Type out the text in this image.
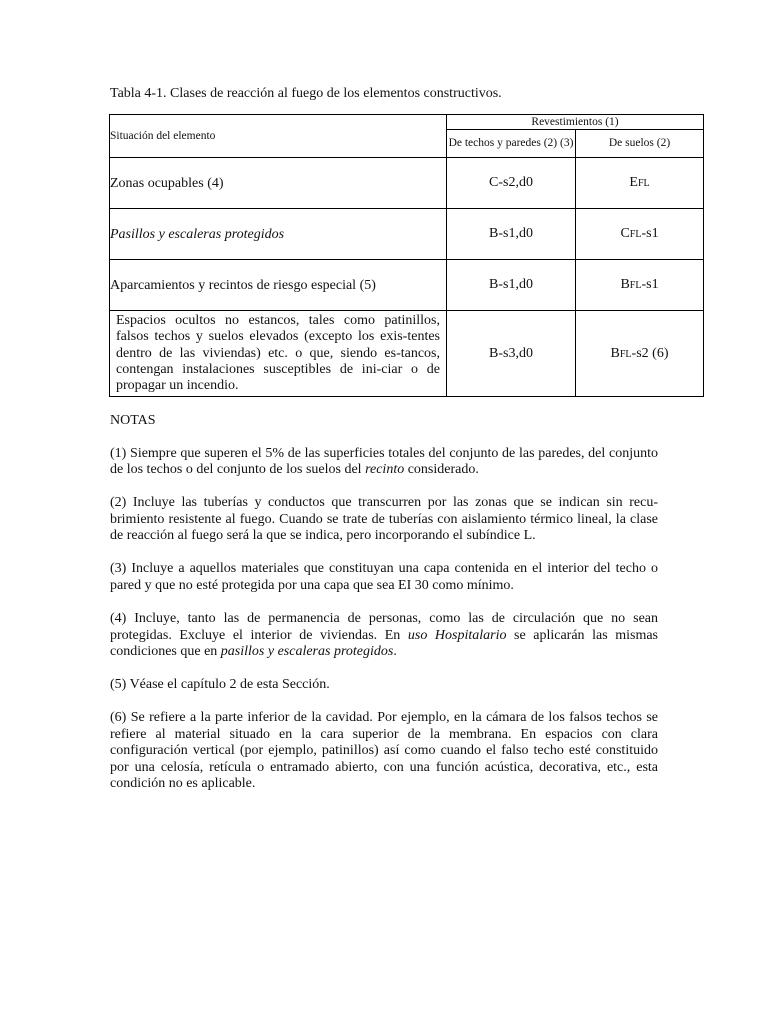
Tabla 4-1. Clases de reacción al fuego de los elementos constructivos.
Situación del elemento	Revestimientos (1)	
	De techos y paredes (2) (3)	De suelos (2)
Zonas ocupables (4)	C-s2,d0	EFL
Pasillos y escaleras protegidos	B-s1,d0	CFL-s1
Aparcamientos y recintos de riesgo especial (5)	B-s1,d0	BFL-s1
Espacios ocultos no estancos, tales como patinillos, falsos techos y suelos elevados (excepto los exis-tentes dentro de las viviendas) etc. o que, siendo es-tancos, contengan instalaciones susceptibles de ini-ciar o de propagar un incendio.	B-s3,d0	BFL-s2 (6)
NOTAS

(1) Siempre que superen el 5% de las superficies totales del conjunto de las paredes, del conjunto de los techos o del conjunto de los suelos del recinto considerado.

(2) Incluye las tuberías y conductos que transcurren por las zonas que se indican sin recu-brimiento resistente al fuego. Cuando se trate de tuberías con aislamiento térmico lineal, la clase de reacción al fuego será la que se indica, pero incorporando el subíndice L.

(3) Incluye a aquellos materiales que constituyan una capa contenida en el interior del techo o pared y que no esté protegida por una capa que sea EI 30 como mínimo.

(4) Incluye, tanto las de permanencia de personas, como las de circulación que no sean protegidas. Excluye el interior de viviendas. En uso Hospitalario se aplicarán las mismas condiciones que en pasillos y escaleras protegidos.

(5) Véase el capítulo 2 de esta Sección.

(6) Se refiere a la parte inferior de la cavidad. Por ejemplo, en la cámara de los falsos techos se refiere al material situado en la cara superior de la membrana. En espacios con clara configuración vertical (por ejemplo, patinillos) así como cuando el falso techo esté constituido por una celosía, retícula o entramado abierto, con una función acústica, decorativa, etc., esta condición no es aplicable.
